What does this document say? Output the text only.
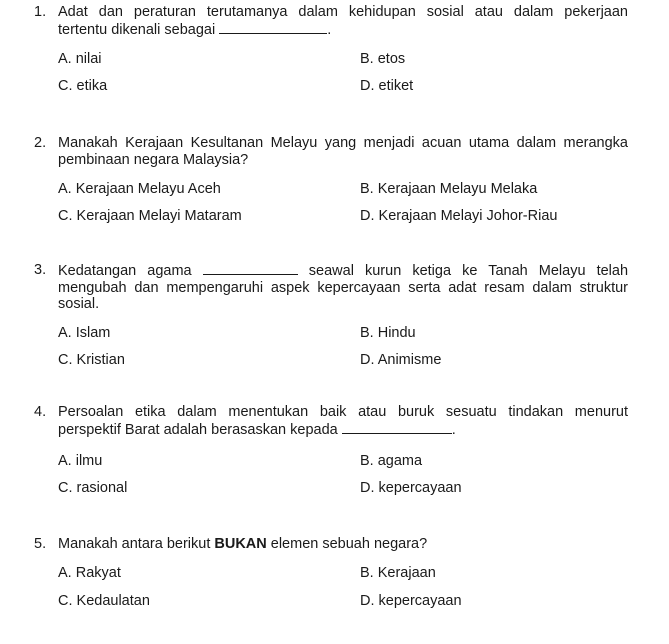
1. Adat dan peraturan terutamanya dalam kehidupan sosial atau dalam pekerjaan
tertentu dikenali sebagai	.
A. nilai	B. etos
C. etika	D. etiket
2. Manakah Kerajaan Kesultanan Melayu yang menjadi acuan utama dalam merangka
pembinaan negara Malaysia?
A. Kerajaan Melayu Aceh	B. Kerajaan Melayu Melaka
C. Kerajaan Melayi Mataram	D. Kerajaan Melayi Johor-Riau
3. Kedatangan agama	seawal kurun ketiga ke Tanah Melayu telah
mengubah dan mempengaruhi aspek kepercayaan serta adat resam dalam struktur
sosial.
A. Islam	B. Hindu
C. Kristian	D. Animisme
4. Persoalan etika dalam menentukan baik atau buruk sesuatu tindakan menurut
perspektif Barat adalah berasaskan kepada	.
A. ilmu	B. agama
C. rasional	D. kepercayaan
5. Manakah antara berikut BUKAN elemen sebuah negara?
A. Rakyat	B. Kerajaan
C. Kedaulatan	D. kepercayaan
